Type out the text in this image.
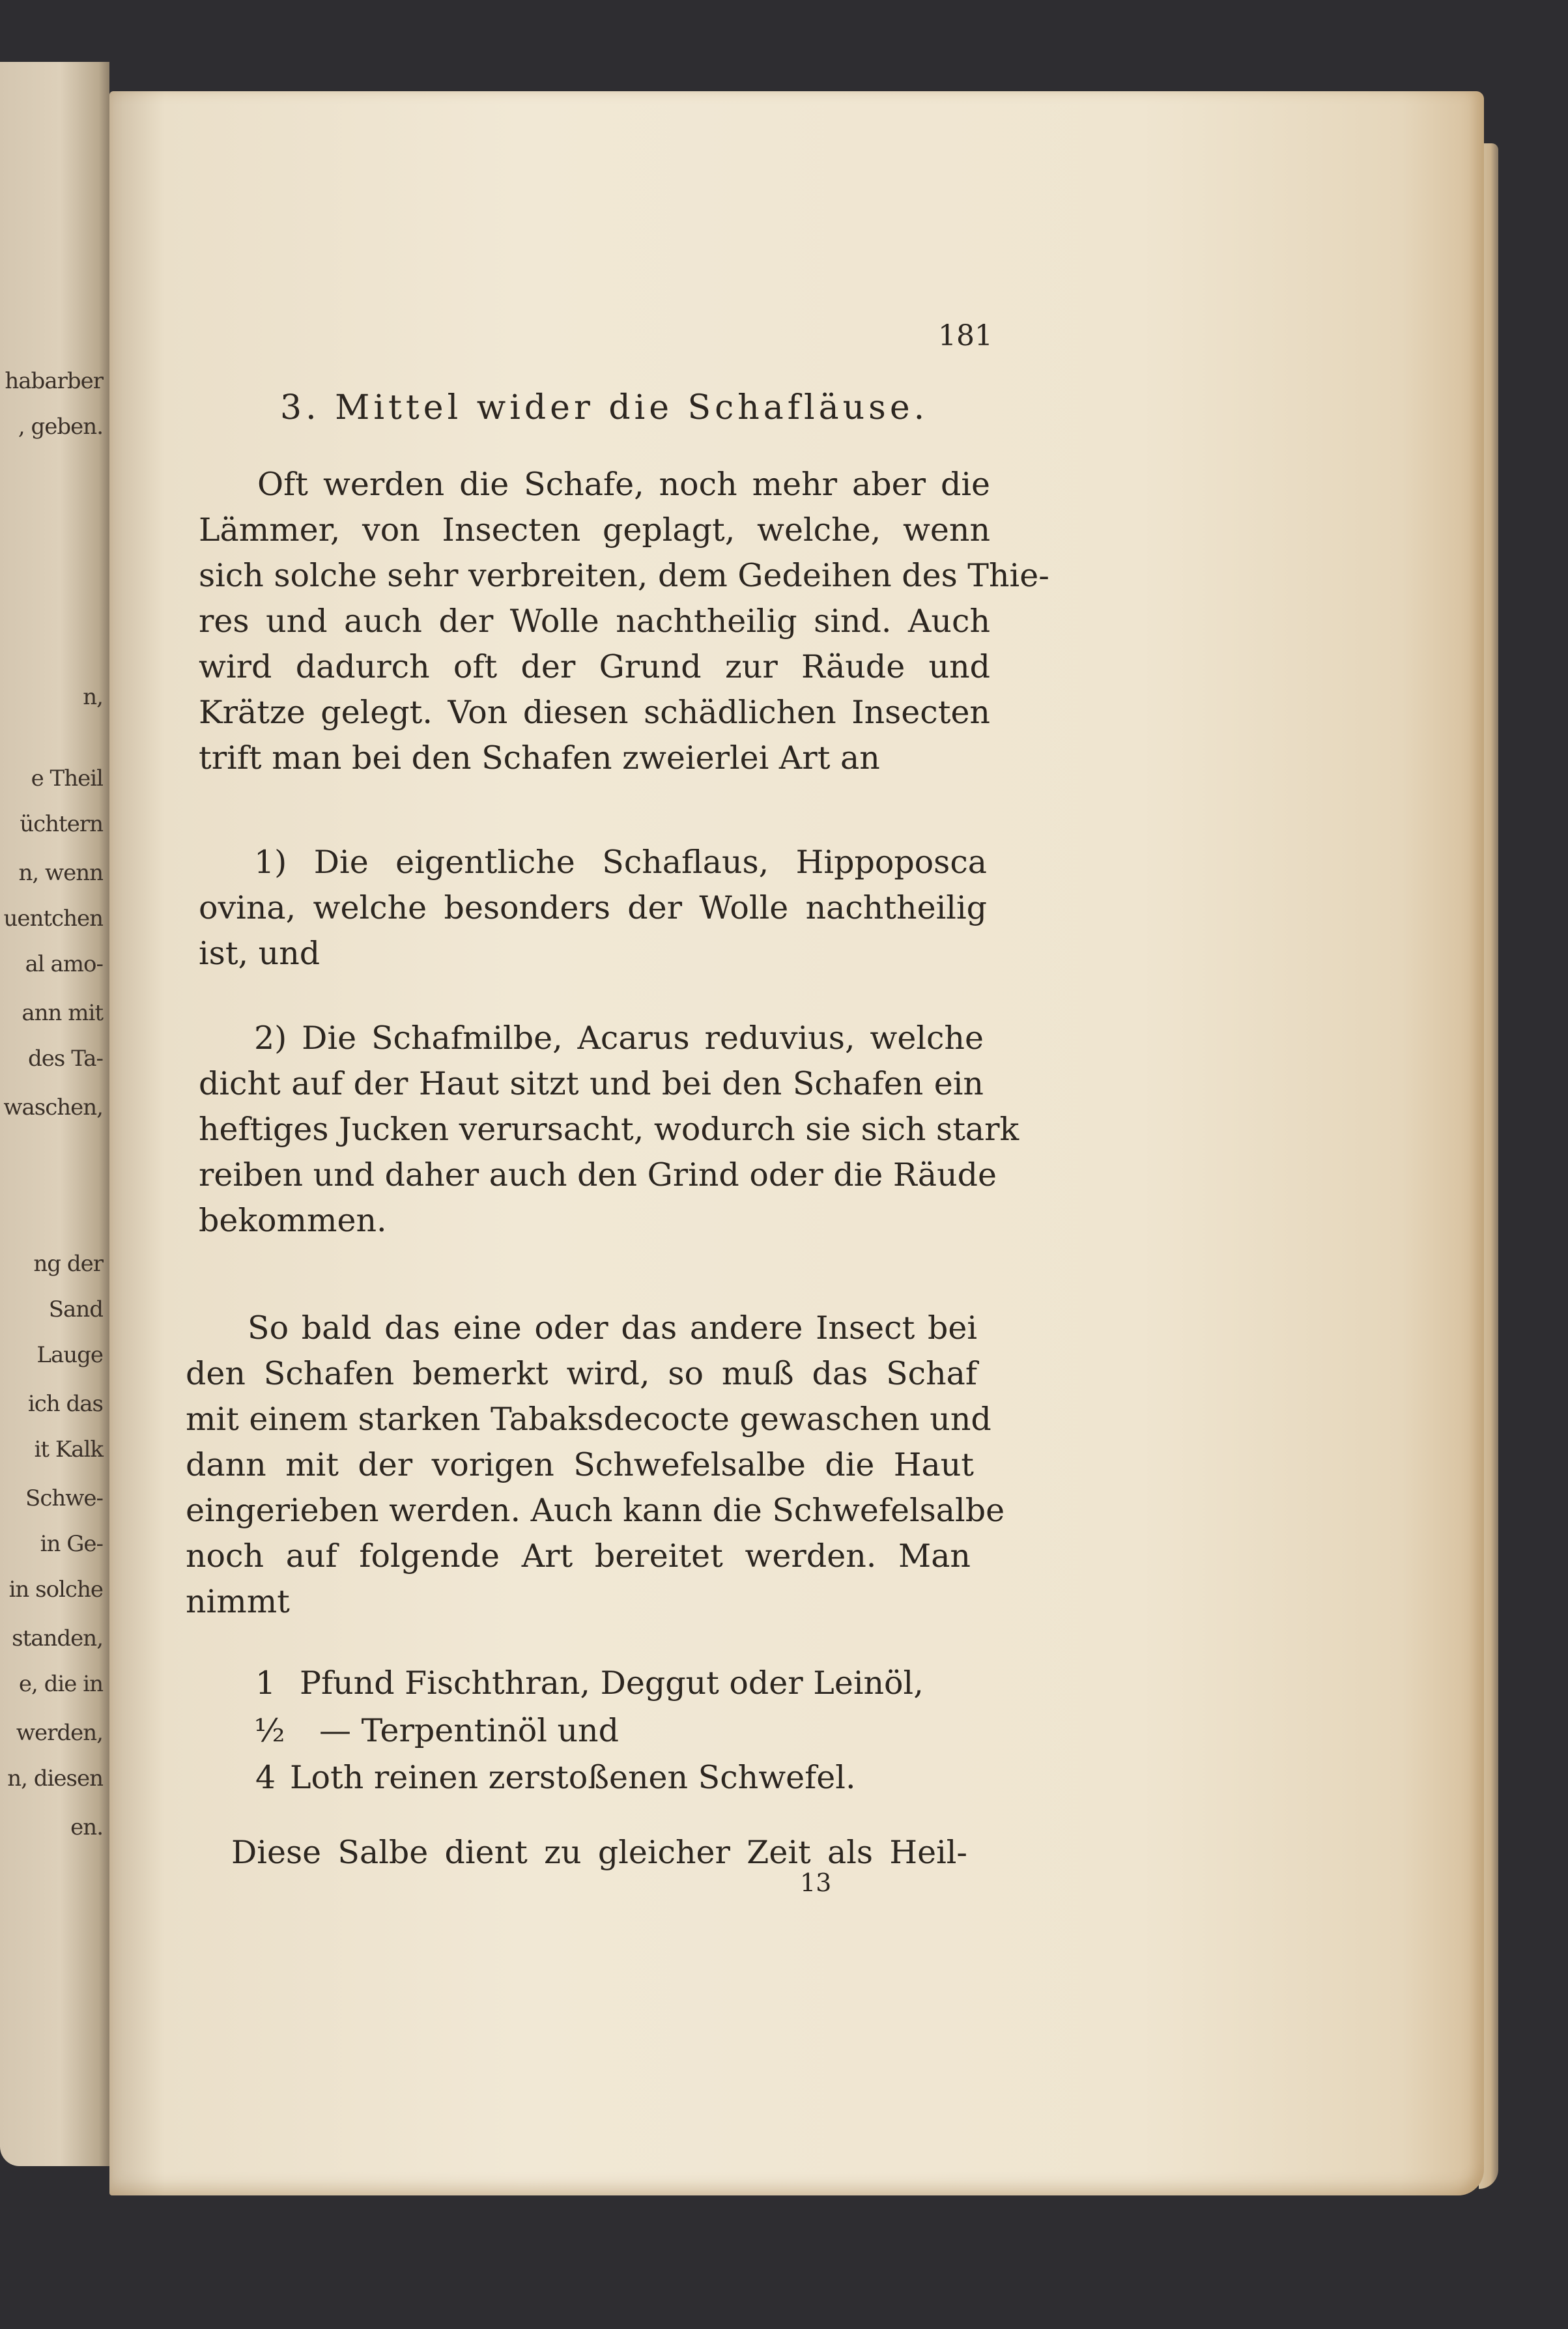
habarber

, geben.

n,

e Theil

üchtern

n, wenn

uentchen

al amo-

ann mit

des Ta-

waschen,

ng der

Sand

Lauge

ich das

it Kalk

Schwe-

in Ge-

in solche

standen,

e, die in

werden,

n, diesen

en.

181

3. Mittel wider die Schafläuse.

Oft werden die Schafe, noch mehr aber die

Lämmer, von Insecten geplagt, welche, wenn

sich solche sehr verbreiten, dem Gedeihen des Thie-

res und auch der Wolle nachtheilig sind. Auch

wird dadurch oft der Grund zur Räude und

Krätze gelegt. Von diesen schädlichen Insecten

trift man bei den Schafen zweierlei Art an

1) Die eigentliche Schaflaus, Hippoposca

ovina, welche besonders der Wolle nachtheilig

ist, und

2) Die Schafmilbe, Acarus reduvius, welche

dicht auf der Haut sitzt und bei den Schafen ein

heftiges Jucken verursacht, wodurch sie sich stark

reiben und daher auch den Grind oder die Räude

bekommen.

So bald das eine oder das andere Insect bei

den Schafen bemerkt wird, so muß das Schaf

mit einem starken Tabaksdecocte gewaschen und

dann mit der vorigen Schwefelsalbe die Haut

eingerieben werden. Auch kann die Schwefelsalbe

noch auf folgende Art bereitet werden. Man

nimmt

1 Pfund Fischthran, Deggut oder Leinöl,

½ — Terpentinöl und

4 Loth reinen zerstoßenen Schwefel.

Diese Salbe dient zu gleicher Zeit als Heil-

13
